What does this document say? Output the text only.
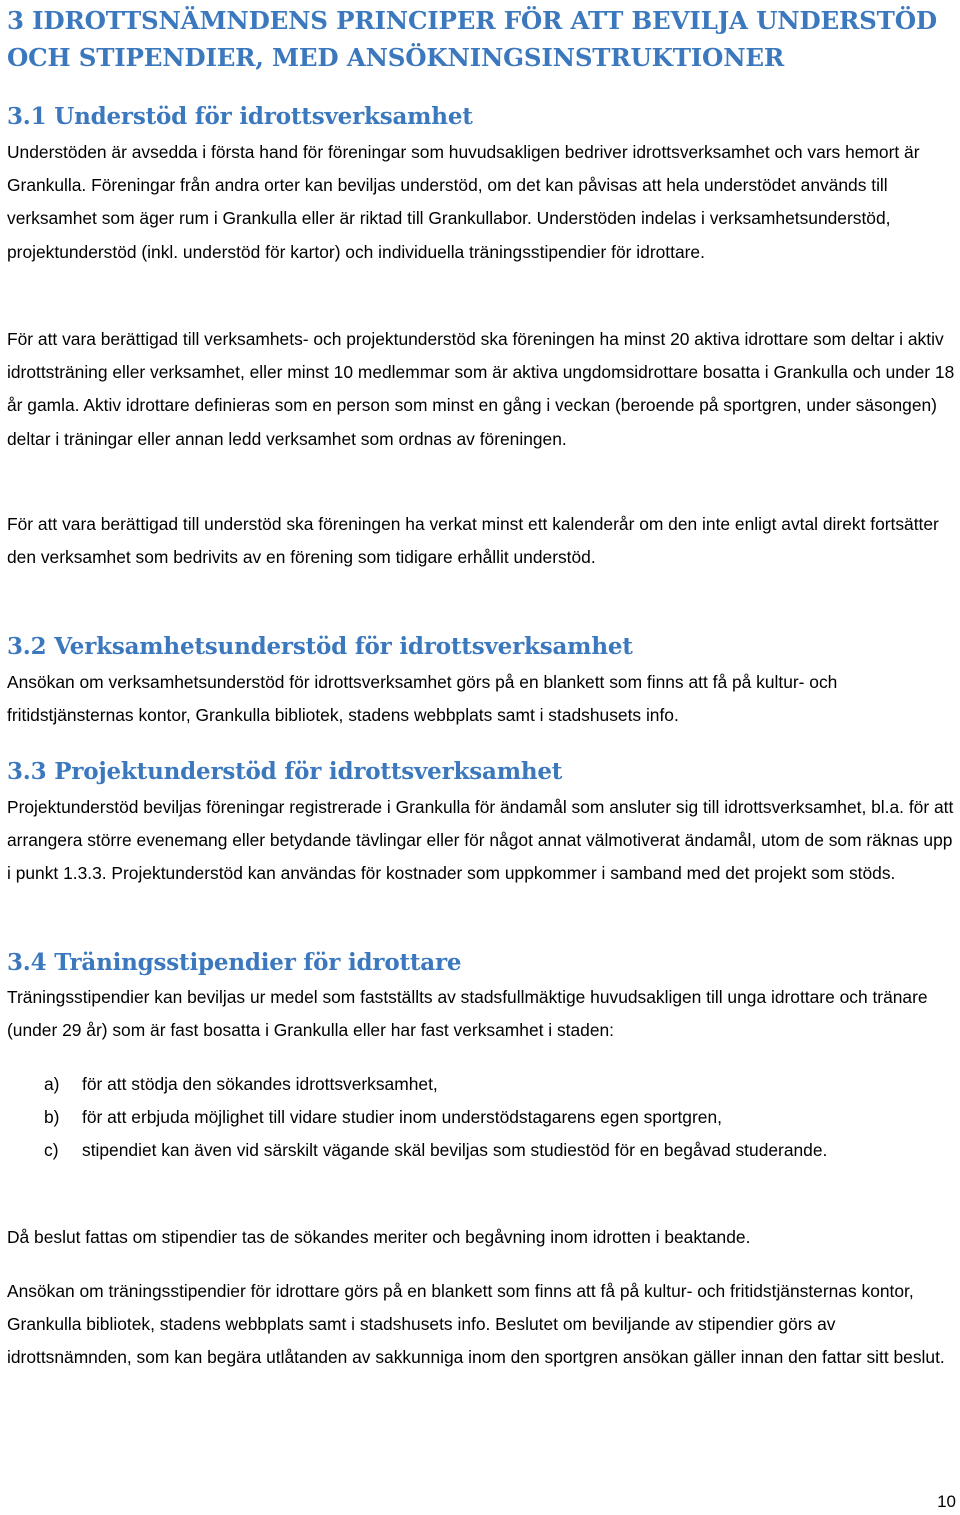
3 IDROTTSNÄMNDENS PRINCIPER FÖR ATT BEVILJA UNDERSTÖD OCH STIPENDIER, MED ANSÖKNINGSINSTRUKTIONER
3.1 Understöd för idrottsverksamhet

Understöden är avsedda i första hand för föreningar som huvudsakligen bedriver idrottsverksamhet och vars hemort är Grankulla. Föreningar från andra orter kan beviljas understöd, om det kan påvisas att hela understödet används till verksamhet som äger rum i Grankulla eller är riktad till Grankullabor. Understöden indelas i verksamhetsunderstöd, projektunderstöd (inkl. understöd för kartor) och individuella träningsstipendier för idrottare.

För att vara berättigad till verksamhets- och projektunderstöd ska föreningen ha minst 20 aktiva idrottare som deltar i aktiv idrottsträning eller verksamhet, eller minst 10 medlemmar som är aktiva ungdomsidrottare bosatta i Grankulla och under 18 år gamla. Aktiv idrottare definieras som en person som minst en gång i veckan (beroende på sportgren, under säsongen) deltar i träningar eller annan ledd verksamhet som ordnas av föreningen.

För att vara berättigad till understöd ska föreningen ha verkat minst ett kalenderår om den inte enligt avtal direkt fortsätter den verksamhet som bedrivits av en förening som tidigare erhållit understöd.

3.2 Verksamhetsunderstöd för idrottsverksamhet

Ansökan om verksamhetsunderstöd för idrottsverksamhet görs på en blankett som finns att få på kultur- och fritidstjänsternas kontor, Grankulla bibliotek, stadens webbplats samt i stadshusets info.

3.3 Projektunderstöd för idrottsverksamhet

Projektunderstöd beviljas föreningar registrerade i Grankulla för ändamål som ansluter sig till idrottsverksamhet, bl.a. för att arrangera större evenemang eller betydande tävlingar eller för något annat välmotiverat ändamål, utom de som räknas upp i punkt 1.3.3. Projektunderstöd kan användas för kostnader som uppkommer i samband med det projekt som stöds.

3.4 Träningsstipendier för idrottare

Träningsstipendier kan beviljas ur medel som fastställts av stadsfullmäktige huvudsakligen till unga idrottare och tränare (under 29 år) som är fast bosatta i Grankulla eller har fast verksamhet i staden:

a) för att stödja den sökandes idrottsverksamhet,
b) för att erbjuda möjlighet till vidare studier inom understödstagarens egen sportgren,
c) stipendiet kan även vid särskilt vägande skäl beviljas som studiestöd för en begåvad studerande.

Då beslut fattas om stipendier tas de sökandes meriter och begåvning inom idrotten i beaktande.

Ansökan om träningsstipendier för idrottare görs på en blankett som finns att få på kultur- och fritidstjänsternas kontor, Grankulla bibliotek, stadens webbplats samt i stadshusets info. Beslutet om beviljande av stipendier görs av idrottsnämnden, som kan begära utlåtanden av sakkunniga inom den sportgren ansökan gäller innan den fattar sitt beslut.

10
